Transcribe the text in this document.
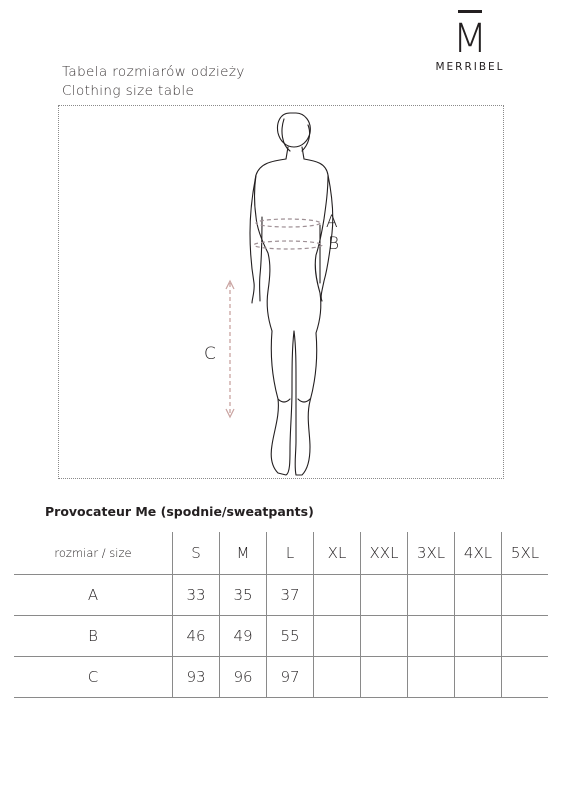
M
MERRIBEL
Tabela rozmiarów odzieży
Clothing size table
A
B
C
Provocateur Me (spodnie/sweatpants)
rozmiar / size	S	M	L	XL	XXL	3XL	4XL	5XL
A	33	35	37					
B	46	49	55					
C	93	96	97					
